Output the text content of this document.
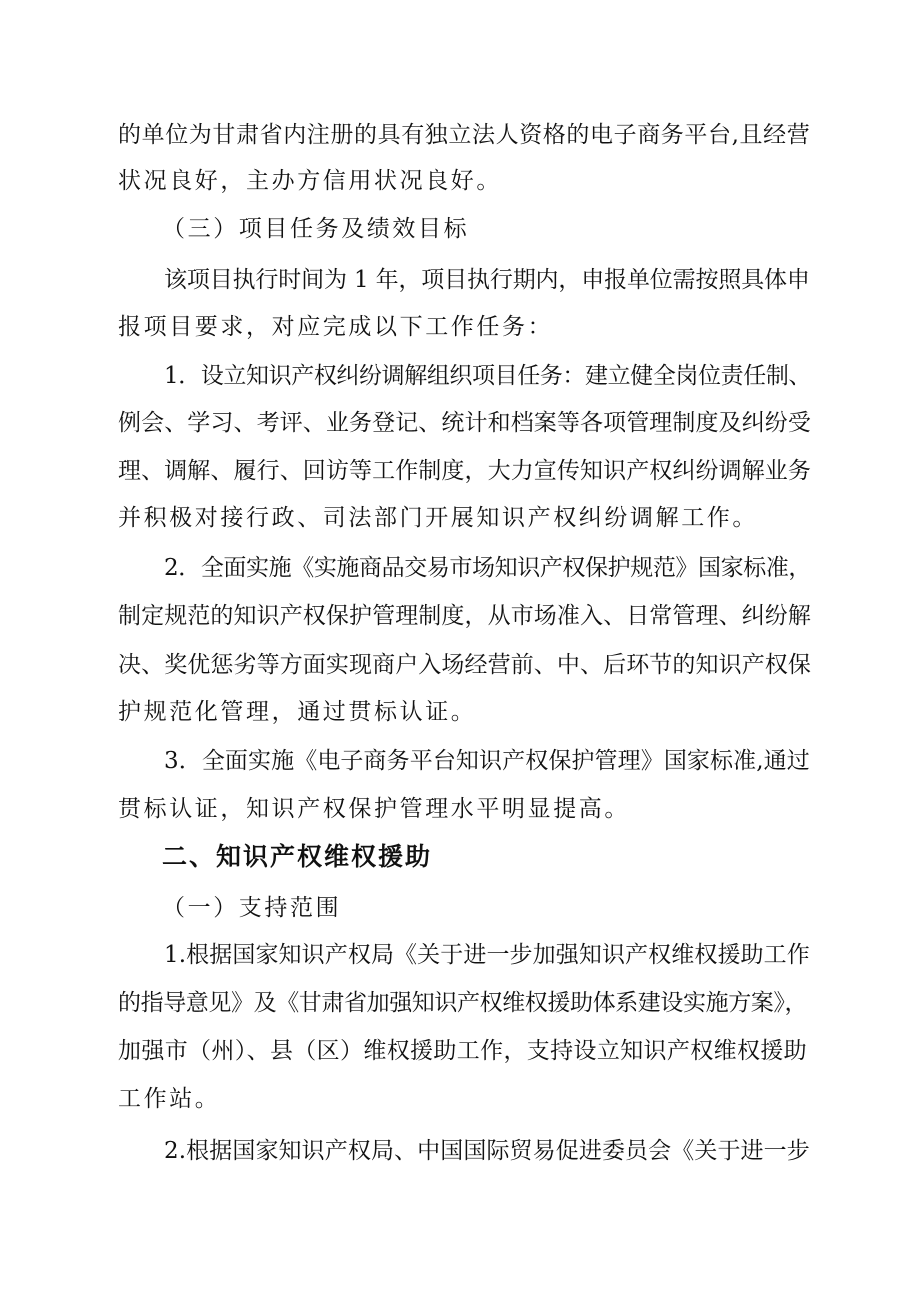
的单位为甘肃省内注册的具有独立法人资格的电子商务平台,且经营
状况良好，主办方信用状况良好。
（三）项目任务及绩效目标
该项目执行时间为 1 年，项目执行期内，申报单位需按照具体申
报项目要求，对应完成以下工作任务：
1．设立知识产权纠纷调解组织项目任务：建立健全岗位责任制、
例会、学习、考评、业务登记、统计和档案等各项管理制度及纠纷受
理、调解、履行、回访等工作制度，大力宣传知识产权纠纷调解业务
并积极对接行政、司法部门开展知识产权纠纷调解工作。
2．全面实施《实施商品交易市场知识产权保护规范》国家标准，
制定规范的知识产权保护管理制度，从市场准入、日常管理、纠纷解
决、奖优惩劣等方面实现商户入场经营前、中、后环节的知识产权保
护规范化管理，通过贯标认证。
3．全面实施《电子商务平台知识产权保护管理》国家标准,通过
贯标认证，知识产权保护管理水平明显提高。
二、知识产权维权援助
（一）支持范围
1.根据国家知识产权局《关于进一步加强知识产权维权援助工作
的指导意见》及《甘肃省加强知识产权维权援助体系建设实施方案》，
加强市（州）、县（区）维权援助工作，支持设立知识产权维权援助
工作站。
2.根据国家知识产权局、中国国际贸易促进委员会《关于进一步
